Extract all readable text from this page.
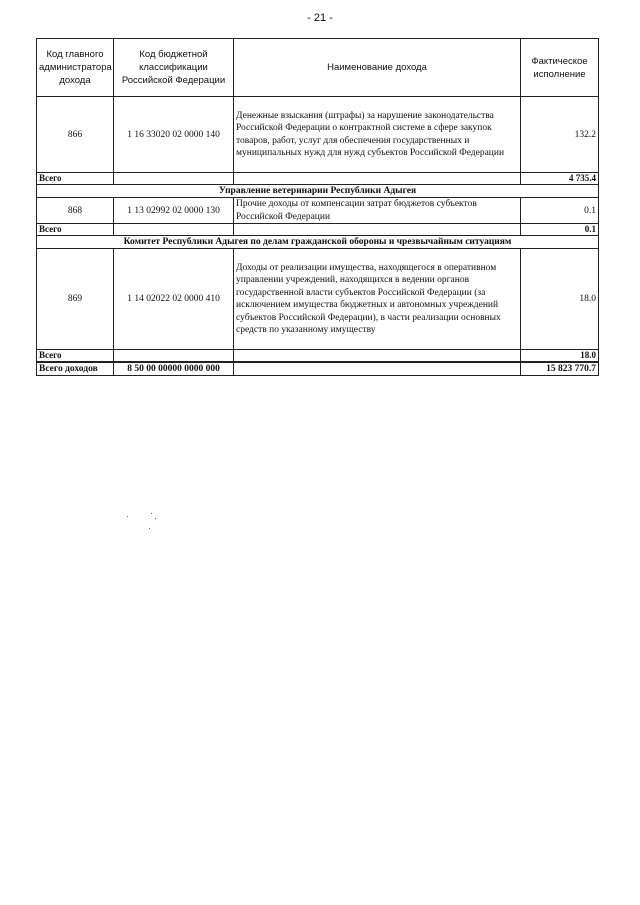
- 21 -
Код главного администратора дохода	Код бюджетной классификации Российской Федерации	Наименование дохода	Фактическое исполнение
866	1 16 33020 02 0000 140	Денежные взыскания (штрафы) за нарушение законодательства Российской Федерации о контрактной системе в сфере закупок товаров, работ, услуг для обеспечения государственных и муниципальных нужд для нужд субъектов Российской Федерации	132.2
Всего			4 735.4
Управление ветеринарии Республики Адыгея			
868	1 13 02992 02 0000 130	Прочие доходы от компенсации затрат бюджетов субъектов Российской Федерации	0.1
Всего			0.1
Комитет Республики Адыгея по делам гражданской обороны и чрезвычайным ситуациям			
869	1 14 02022 02 0000 410	Доходы от реализации имущества, находящегося в оперативном управлении учреждений, находящихся в ведении органов государственной власти субъектов Российской Федерации (за исключением имущества бюджетных и автономных учреждений субъектов Российской Федерации), в части реализации основных средств по указанному имуществу	18.0
Всего			18.0
Всего доходов	8 50 00 00000 0000 000		15 823 770.7
